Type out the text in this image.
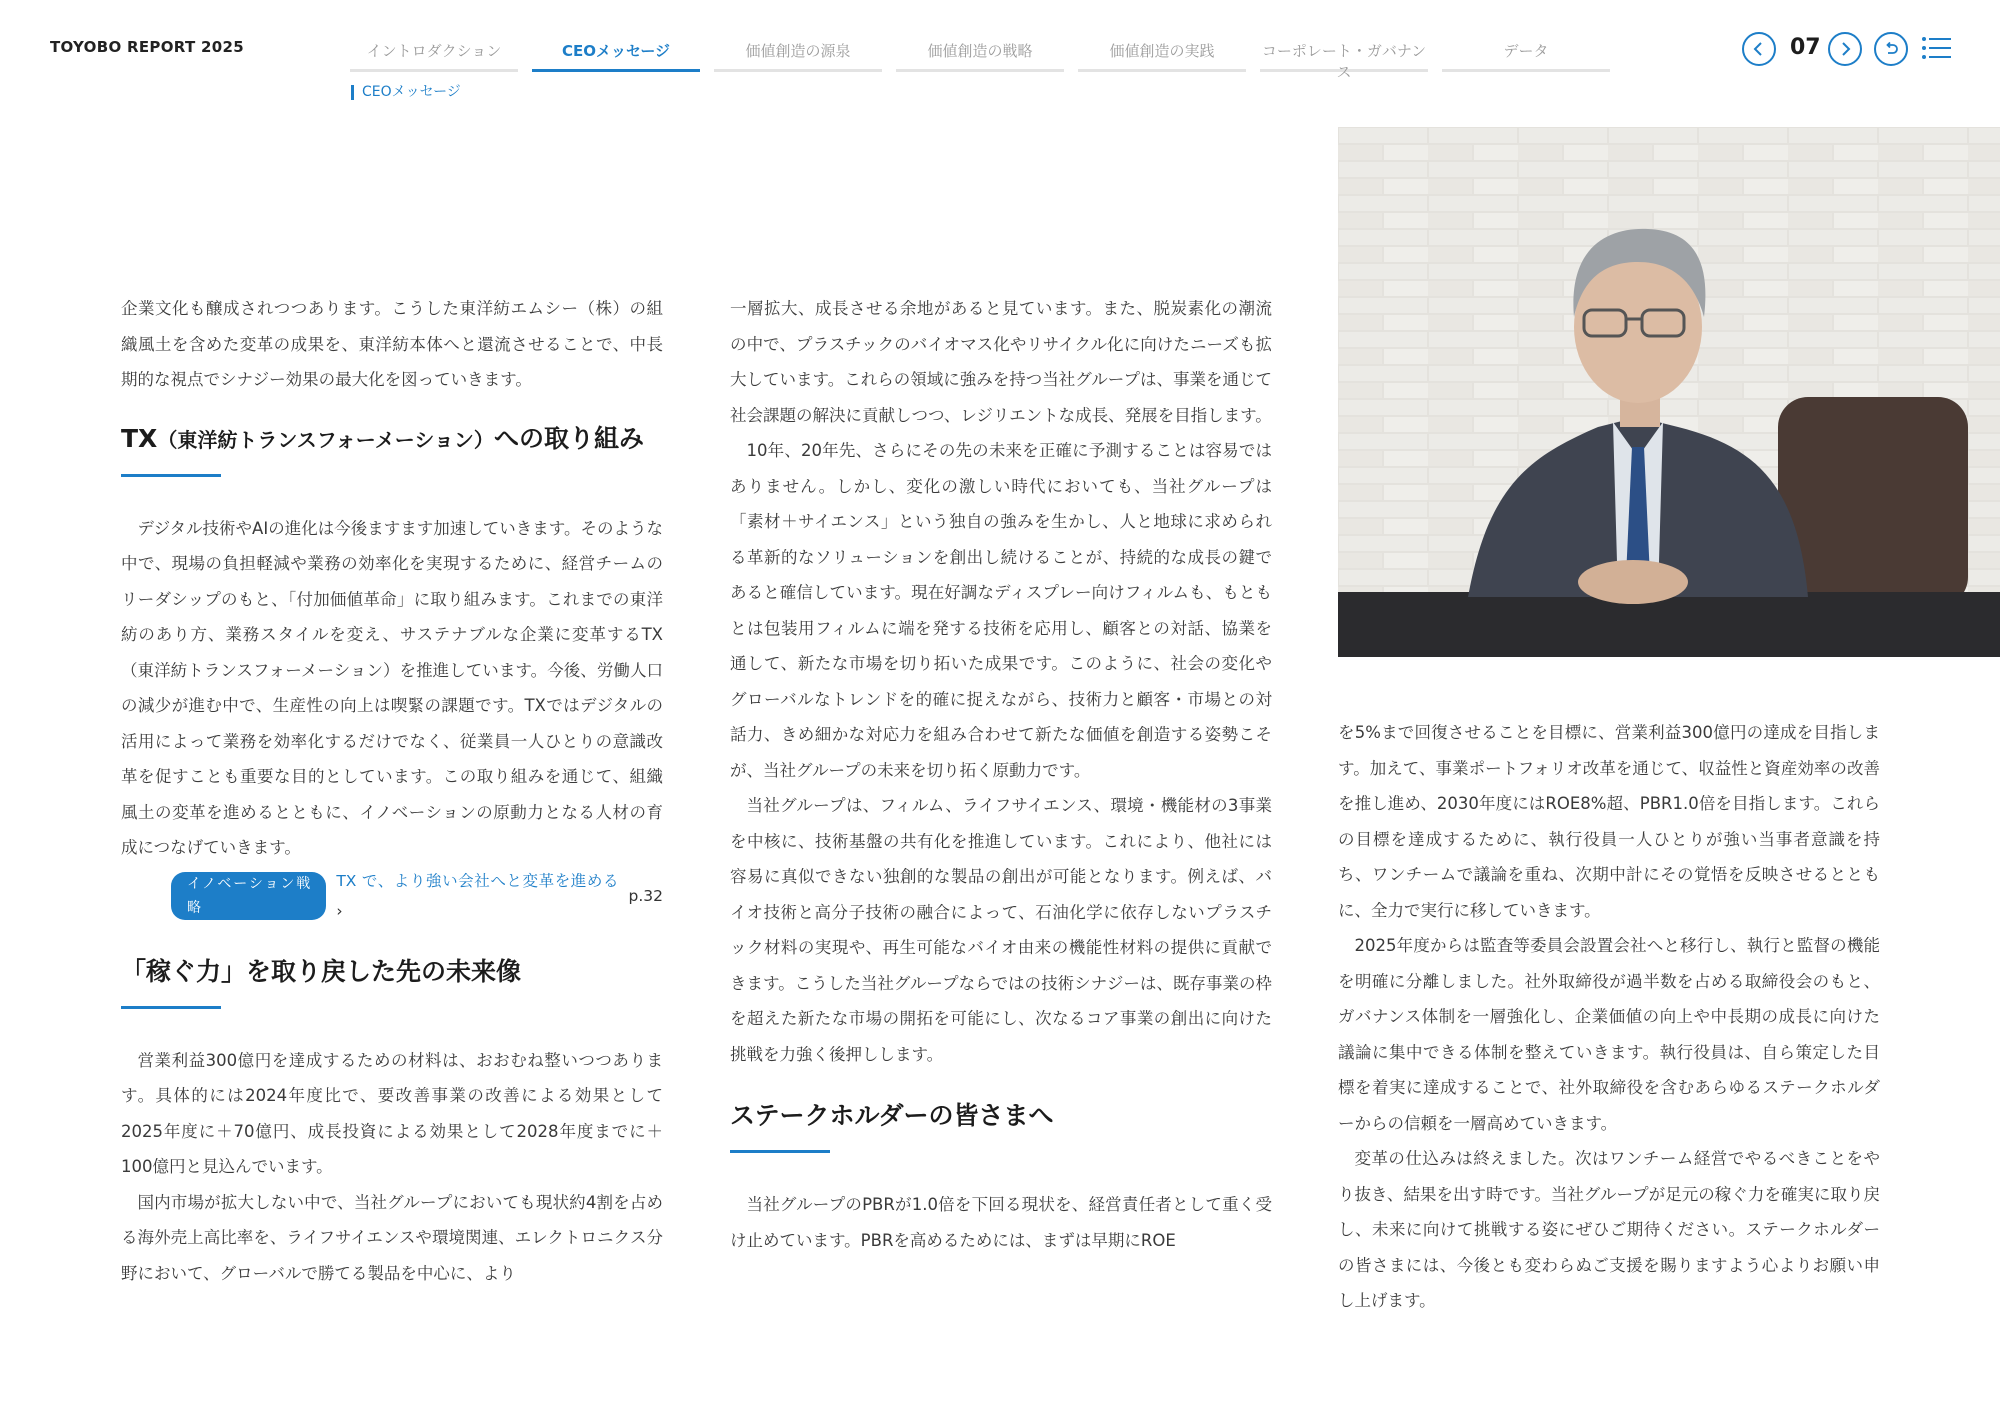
TOYOBO REPORT 2025	イントロダクション	CEOメッセージ	価値創造の源泉	価値創造の戦略	価値創造の実践	コーポレート・ガバナンス
データ
CEOメッセージ
07

企業文化も醸成されつつあります。こうした東洋紡エムシー（株）の組織風土を含めた変革の成果を、東洋紡本体へと還流させることで、中長期的な視点でシナジー効果の最大化を図っていきます。

TX（東洋紡トランスフォーメーション）への取り組み

デジタル技術やAIの進化は今後ますます加速していきます。そのような中で、現場の負担軽減や業務の効率化を実現するために、経営チームのリーダシップのもと、「付加価値革命」に取り組みます。これまでの東洋紡のあり方、業務スタイルを変え、サステナブルな企業に変革するTX（東洋紡トランスフォーメーション）を推進しています。今後、労働人口の減少が進む中で、生産性の向上は喫緊の課題です。TXではデジタルの活用によって業務を効率化するだけでなく、従業員一人ひとりの意識改革を促すことも重要な目的としています。この取り組みを通じて、組織風土の変革を進めるとともに、イノベーションの原動力となる人材の育成につなげていきます。

イノベーション戦略
TX で、より強い会社へと変革を進める ›
p.32
「稼ぐ力」を取り戻した先の未来像

営業利益300億円を達成するための材料は、おおむね整いつつあります。具体的には2024年度比で、要改善事業の改善による効果として2025年度に＋70億円、成長投資による効果として2028年度までに＋100億円と見込んでいます。

国内市場が拡大しない中で、当社グループにおいても現状約4割を占める海外売上高比率を、ライフサイエンスや環境関連、エレクトロニクス分野において、グローバルで勝てる製品を中心に、より

一層拡大、成長させる余地があると見ています。また、脱炭素化の潮流の中で、プラスチックのバイオマス化やリサイクル化に向けたニーズも拡大しています。これらの領域に強みを持つ当社グループは、事業を通じて社会課題の解決に貢献しつつ、レジリエントな成長、発展を目指します。

10年、20年先、さらにその先の未来を正確に予測することは容易ではありません。しかし、変化の激しい時代においても、当社グループは「素材＋サイエンス」という独自の強みを生かし、人と地球に求められる革新的なソリューションを創出し続けることが、持続的な成長の鍵であると確信しています。現在好調なディスプレー向けフィルムも、もともとは包装用フィルムに端を発する技術を応用し、顧客との対話、協業を通して、新たな市場を切り拓いた成果です。このように、社会の変化やグローバルなトレンドを的確に捉えながら、技術力と顧客・市場との対話力、きめ細かな対応力を組み合わせて新たな価値を創造する姿勢こそが、当社グループの未来を切り拓く原動力です。

当社グループは、フィルム、ライフサイエンス、環境・機能材の3事業を中核に、技術基盤の共有化を推進しています。これにより、他社には容易に真似できない独創的な製品の創出が可能となります。例えば、バイオ技術と高分子技術の融合によって、石油化学に依存しないプラスチック材料の実現や、再生可能なバイオ由来の機能性材料の提供に貢献できます。こうした当社グループならではの技術シナジーは、既存事業の枠を超えた新たな市場の開拓を可能にし、次なるコア事業の創出に向けた挑戦を力強く後押しします。

ステークホルダーの皆さまへ

当社グループのPBRが1.0倍を下回る現状を、経営責任者として重く受け止めています。PBRを高めるためには、まずは早期にROE

を5%まで回復させることを目標に、営業利益300億円の達成を目指します。加えて、事業ポートフォリオ改革を通じて、収益性と資産効率の改善を推し進め、2030年度にはROE8%超、PBR1.0倍を目指します。これらの目標を達成するために、執行役員一人ひとりが強い当事者意識を持ち、ワンチームで議論を重ね、次期中計にその覚悟を反映させるとともに、全力で実行に移していきます。

2025年度からは監査等委員会設置会社へと移行し、執行と監督の機能を明確に分離しました。社外取締役が過半数を占める取締役会のもと、ガバナンス体制を一層強化し、企業価値の向上や中長期の成長に向けた議論に集中できる体制を整えていきます。執行役員は、自ら策定した目標を着実に達成することで、社外取締役を含むあらゆるステークホルダーからの信頼を一層高めていきます。

変革の仕込みは終えました。次はワンチーム経営でやるべきことをやり抜き、結果を出す時です。当社グループが足元の稼ぐ力を確実に取り戻し、未来に向けて挑戦する姿にぜひご期待ください。ステークホルダーの皆さまには、今後とも変わらぬご支援を賜りますよう心よりお願い申し上げます。
